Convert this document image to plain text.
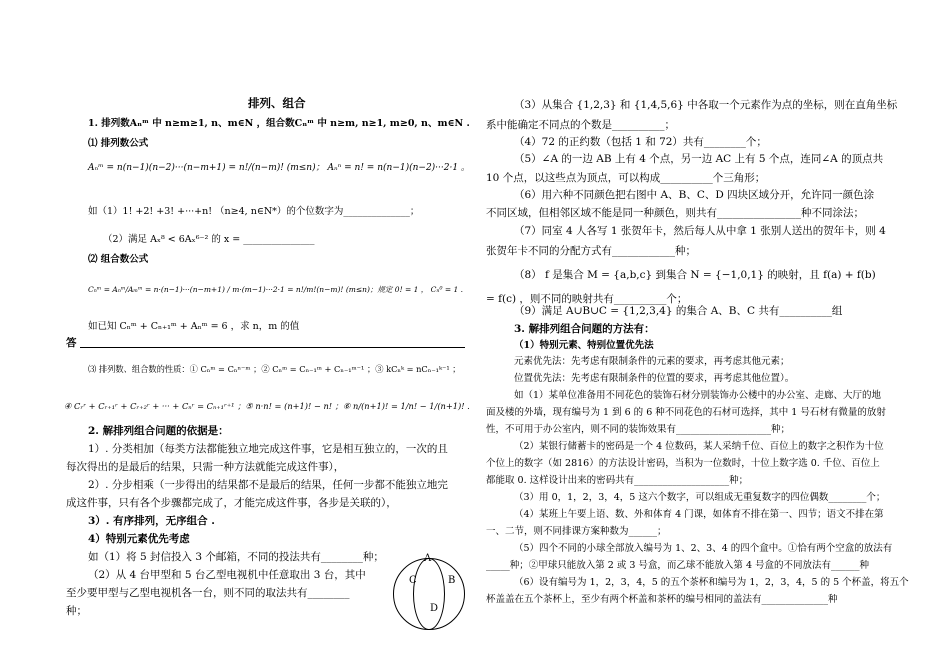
排列、组合
1. 排列数Aₙᵐ 中 n≥m≥1, n、m∈N ，组合数Cₙᵐ 中 n≥m, n≥1, m≥0, n、m∈N .
⑴ 排列数公式
Aₙᵐ = n(n−1)(n−2)···(n−m+1) = n!/(n−m)! (m≤n)； Aₙⁿ = n! = n(n−1)(n−2)···2·1 。
如（1）1! +2! +3! +···+n! （n≥4, n∈N*）的个位数字为______________；
（2）满足 Aₓ⁸ < 6Aₓ⁶⁻² 的 x = _______________
⑵ 组合数公式
Cₙᵐ = Aₙᵐ/Aₘᵐ = n·(n−1)···(n−m+1) / m·(m−1)···2·1 = n!/m!(n−m)! (m≤n)；规定 0! = 1 ， Cₙ⁰ = 1 .
如已知 Cₙᵐ + Cₙ₊₁ᵐ + Aₙᵐ = 6 ，求 n，m 的值
答
⑶ 排列数、组合数的性质：① Cₙᵐ = Cₙⁿ⁻ᵐ ；② Cₙᵐ = Cₙ₋₁ᵐ + Cₙ₋₁ᵐ⁻¹ ；③ kCₙᵏ = nCₙ₋₁ᵏ⁻¹ ；
④ Cᵣʳ + Cᵣ₊₁ʳ + Cᵣ₊₂ʳ + ··· + Cₙʳ = Cₙ₊₁ʳ⁺¹ ；⑤ n·n! = (n+1)! − n! ；⑥ n/(n+1)! = 1/n! − 1/(n+1)! .
2. 解排列组合问题的依据是：
1）. 分类相加（每类方法都能独立地完成这件事，它是相互独立的，一次的且
每次得出的是最后的结果，只需一种方法就能完成这件事），
2）. 分步相乘（一步得出的结果都不是最后的结果，任何一步都不能独立地完
成这件事，只有各个步骤都完成了，才能完成这件事，各步是关联的），
3）. 有序排列，无序组合 .
4）特别元素优先考虑
如（1）将 5 封信投入 3 个邮箱，不同的投法共有________种；
（2）从 4 台甲型和 5 台乙型电视机中任意取出 3 台，其中
至少要甲型与乙型电视机各一台，则不同的取法共有________
种；
A
B
C
D
（3）从集合 {1,2,3} 和 {1,4,5,6} 中各取一个元素作为点的坐标，则在直角坐标
系中能确定不同点的个数是__________；
（4）72 的正约数（包括 1 和 72）共有________个；
（5）∠A 的一边 AB 上有 4 个点，另一边 AC 上有 5 个点，连同∠A 的顶点共
10 个点，以这些点为顶点，可以构成__________个三角形；
（6）用六种不同颜色把右图中 A、B、C、D 四块区域分开，允许同一颜色涂
不同区域，但相邻区域不能是同一种颜色，则共有________________种不同涂法；
（7）同室 4 人各写 1 张贺年卡，然后每人从中拿 1 张别人送出的贺年卡，则 4
张贺年卡不同的分配方式有____________种；
（8） f 是集合 M = {a,b,c} 到集合 N = {−1,0,1} 的映射，且 f(a) + f(b)
= f(c) ，则不同的映射共有__________个；
（9）满足 A∪B∪C = {1,2,3,4} 的集合 A、B、C 共有__________组
3. 解排列组合问题的方法有：
（1）特别元素、特别位置优先法
元素优先法：先考虑有限制条件的元素的要求，再考虑其他元素；
位置优先法：先考虑有限制条件的位置的要求，再考虑其他位置）。
如（1）某单位准备用不同花色的装饰石材分别装饰办公楼中的办公室、走廊、大厅的地
面及楼的外墙，现有编号为 1 到 6 的 6 种不同花色的石材可选择，其中 1 号石材有微量的放射
性，不可用于办公室内，则不同的装饰效果有____________________种；
（2）某银行储蓄卡的密码是一个 4 位数码，某人采纳千位、百位上的数字之积作为十位
个位上的数字（如 2816）的方法设计密码，当积为一位数时，十位上数字选 0. 千位、百位上
都能取 0. 这样设计出来的密码共有____________________种；
（3）用 0，1，2，3，4，5 这六个数字，可以组成无重复数字的四位偶数________个；
（4）某班上午要上语、数、外和体育 4 门课，如体育不排在第一、四节；语文不排在第
一、二节，则不同排课方案种数为______；
（5）四个不同的小球全部放入编号为 1、2、3、4 的四个盒中。①恰有两个空盒的放法有
_____种；②甲球只能放入第 2 或 3 号盒，而乙球不能放入第 4 号盒的不同放法有______种
（6）设有编号为 1，2，3，4，5 的五个茶杯和编号为 1，2，3，4，5 的 5 个杯盖，将五个
杯盖盖在五个茶杯上，至少有两个杯盖和茶杯的编号相同的盖法有______________种
